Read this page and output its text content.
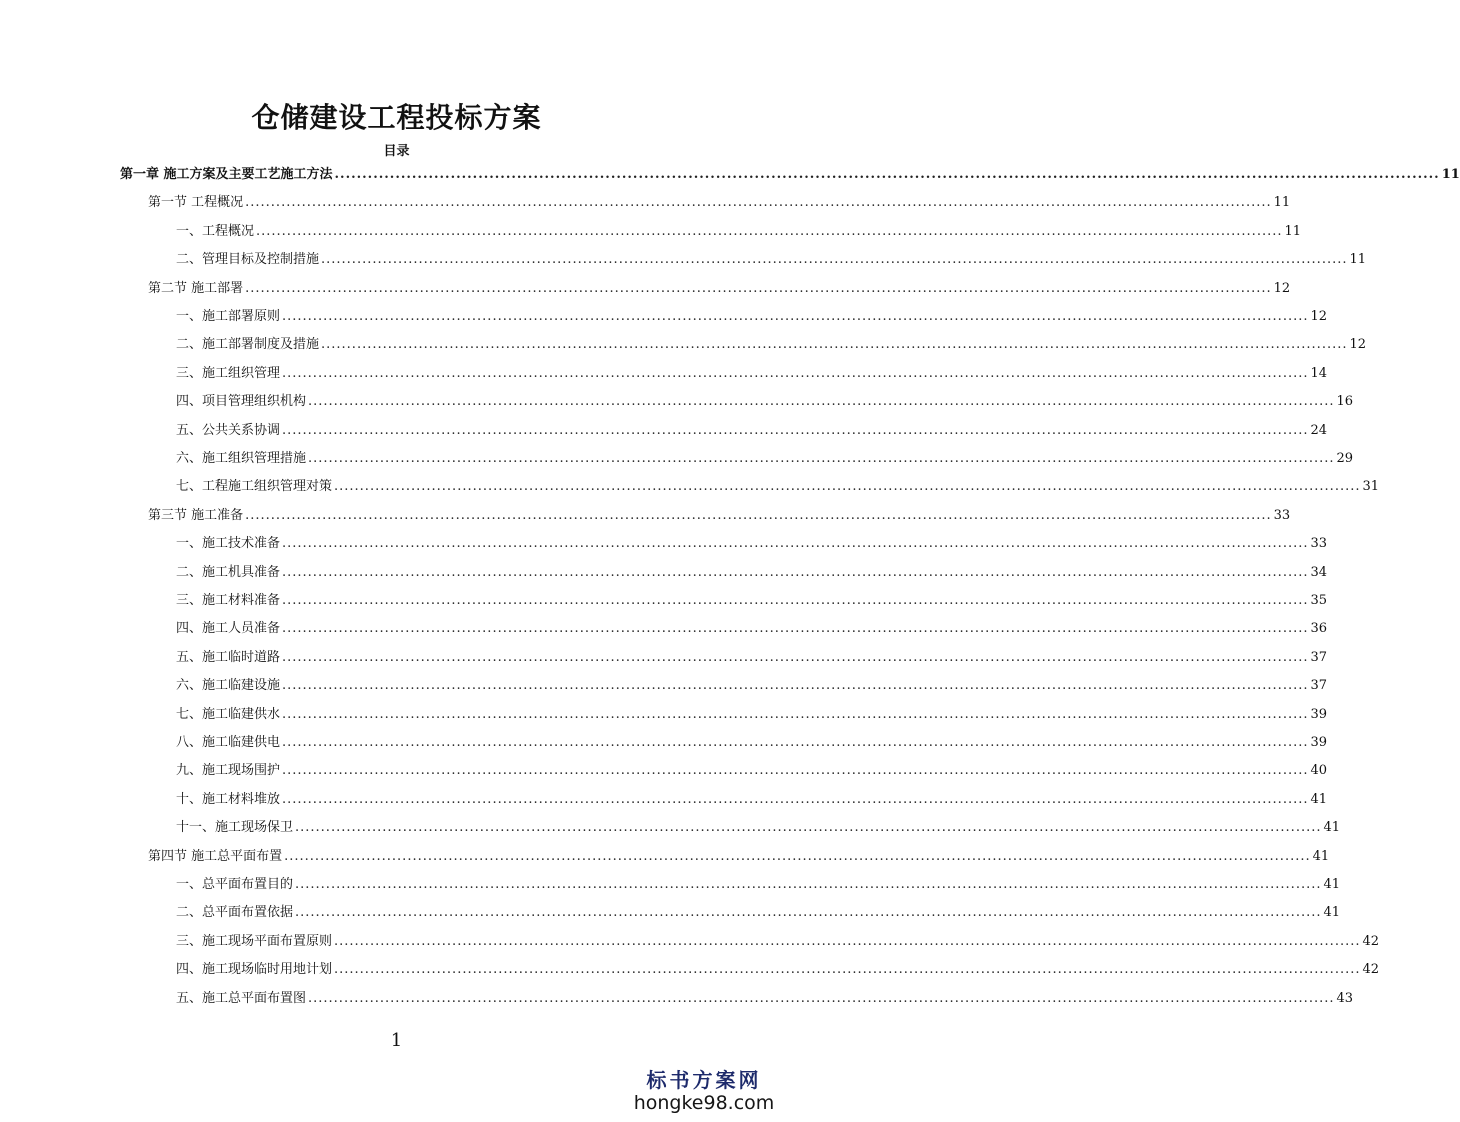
仓储建设工程投标方案
目录
第一章 施工方案及主要工艺施工方法 ........................................................................................................................................................................................................ 11
第一节 工程概况 ........................................................................................................................................................................................................ 11
一、工程概况 ........................................................................................................................................................................................................ 11
二、管理目标及控制措施 ........................................................................................................................................................................................................ 11
第二节 施工部署 ........................................................................................................................................................................................................ 12
一、施工部署原则 ........................................................................................................................................................................................................ 12
二、施工部署制度及措施 ........................................................................................................................................................................................................ 12
三、施工组织管理 ........................................................................................................................................................................................................ 14
四、项目管理组织机构 ........................................................................................................................................................................................................ 16
五、公共关系协调 ........................................................................................................................................................................................................ 24
六、施工组织管理措施 ........................................................................................................................................................................................................ 29
七、工程施工组织管理对策 ........................................................................................................................................................................................................ 31
第三节 施工准备 ........................................................................................................................................................................................................ 33
一、施工技术准备 ........................................................................................................................................................................................................ 33
二、施工机具准备 ........................................................................................................................................................................................................ 34
三、施工材料准备 ........................................................................................................................................................................................................ 35
四、施工人员准备 ........................................................................................................................................................................................................ 36
五、施工临时道路 ........................................................................................................................................................................................................ 37
六、施工临建设施 ........................................................................................................................................................................................................ 37
七、施工临建供水 ........................................................................................................................................................................................................ 39
八、施工临建供电 ........................................................................................................................................................................................................ 39
九、施工现场围护 ........................................................................................................................................................................................................ 40
十、施工材料堆放 ........................................................................................................................................................................................................ 41
十一、施工现场保卫 ........................................................................................................................................................................................................ 41
第四节 施工总平面布置 ........................................................................................................................................................................................................ 41
一、总平面布置目的 ........................................................................................................................................................................................................ 41
二、总平面布置依据 ........................................................................................................................................................................................................ 41
三、施工现场平面布置原则 ........................................................................................................................................................................................................ 42
四、施工现场临时用地计划 ........................................................................................................................................................................................................ 42
五、施工总平面布置图 ........................................................................................................................................................................................................ 43
1
标书方案网
hongke98.com
